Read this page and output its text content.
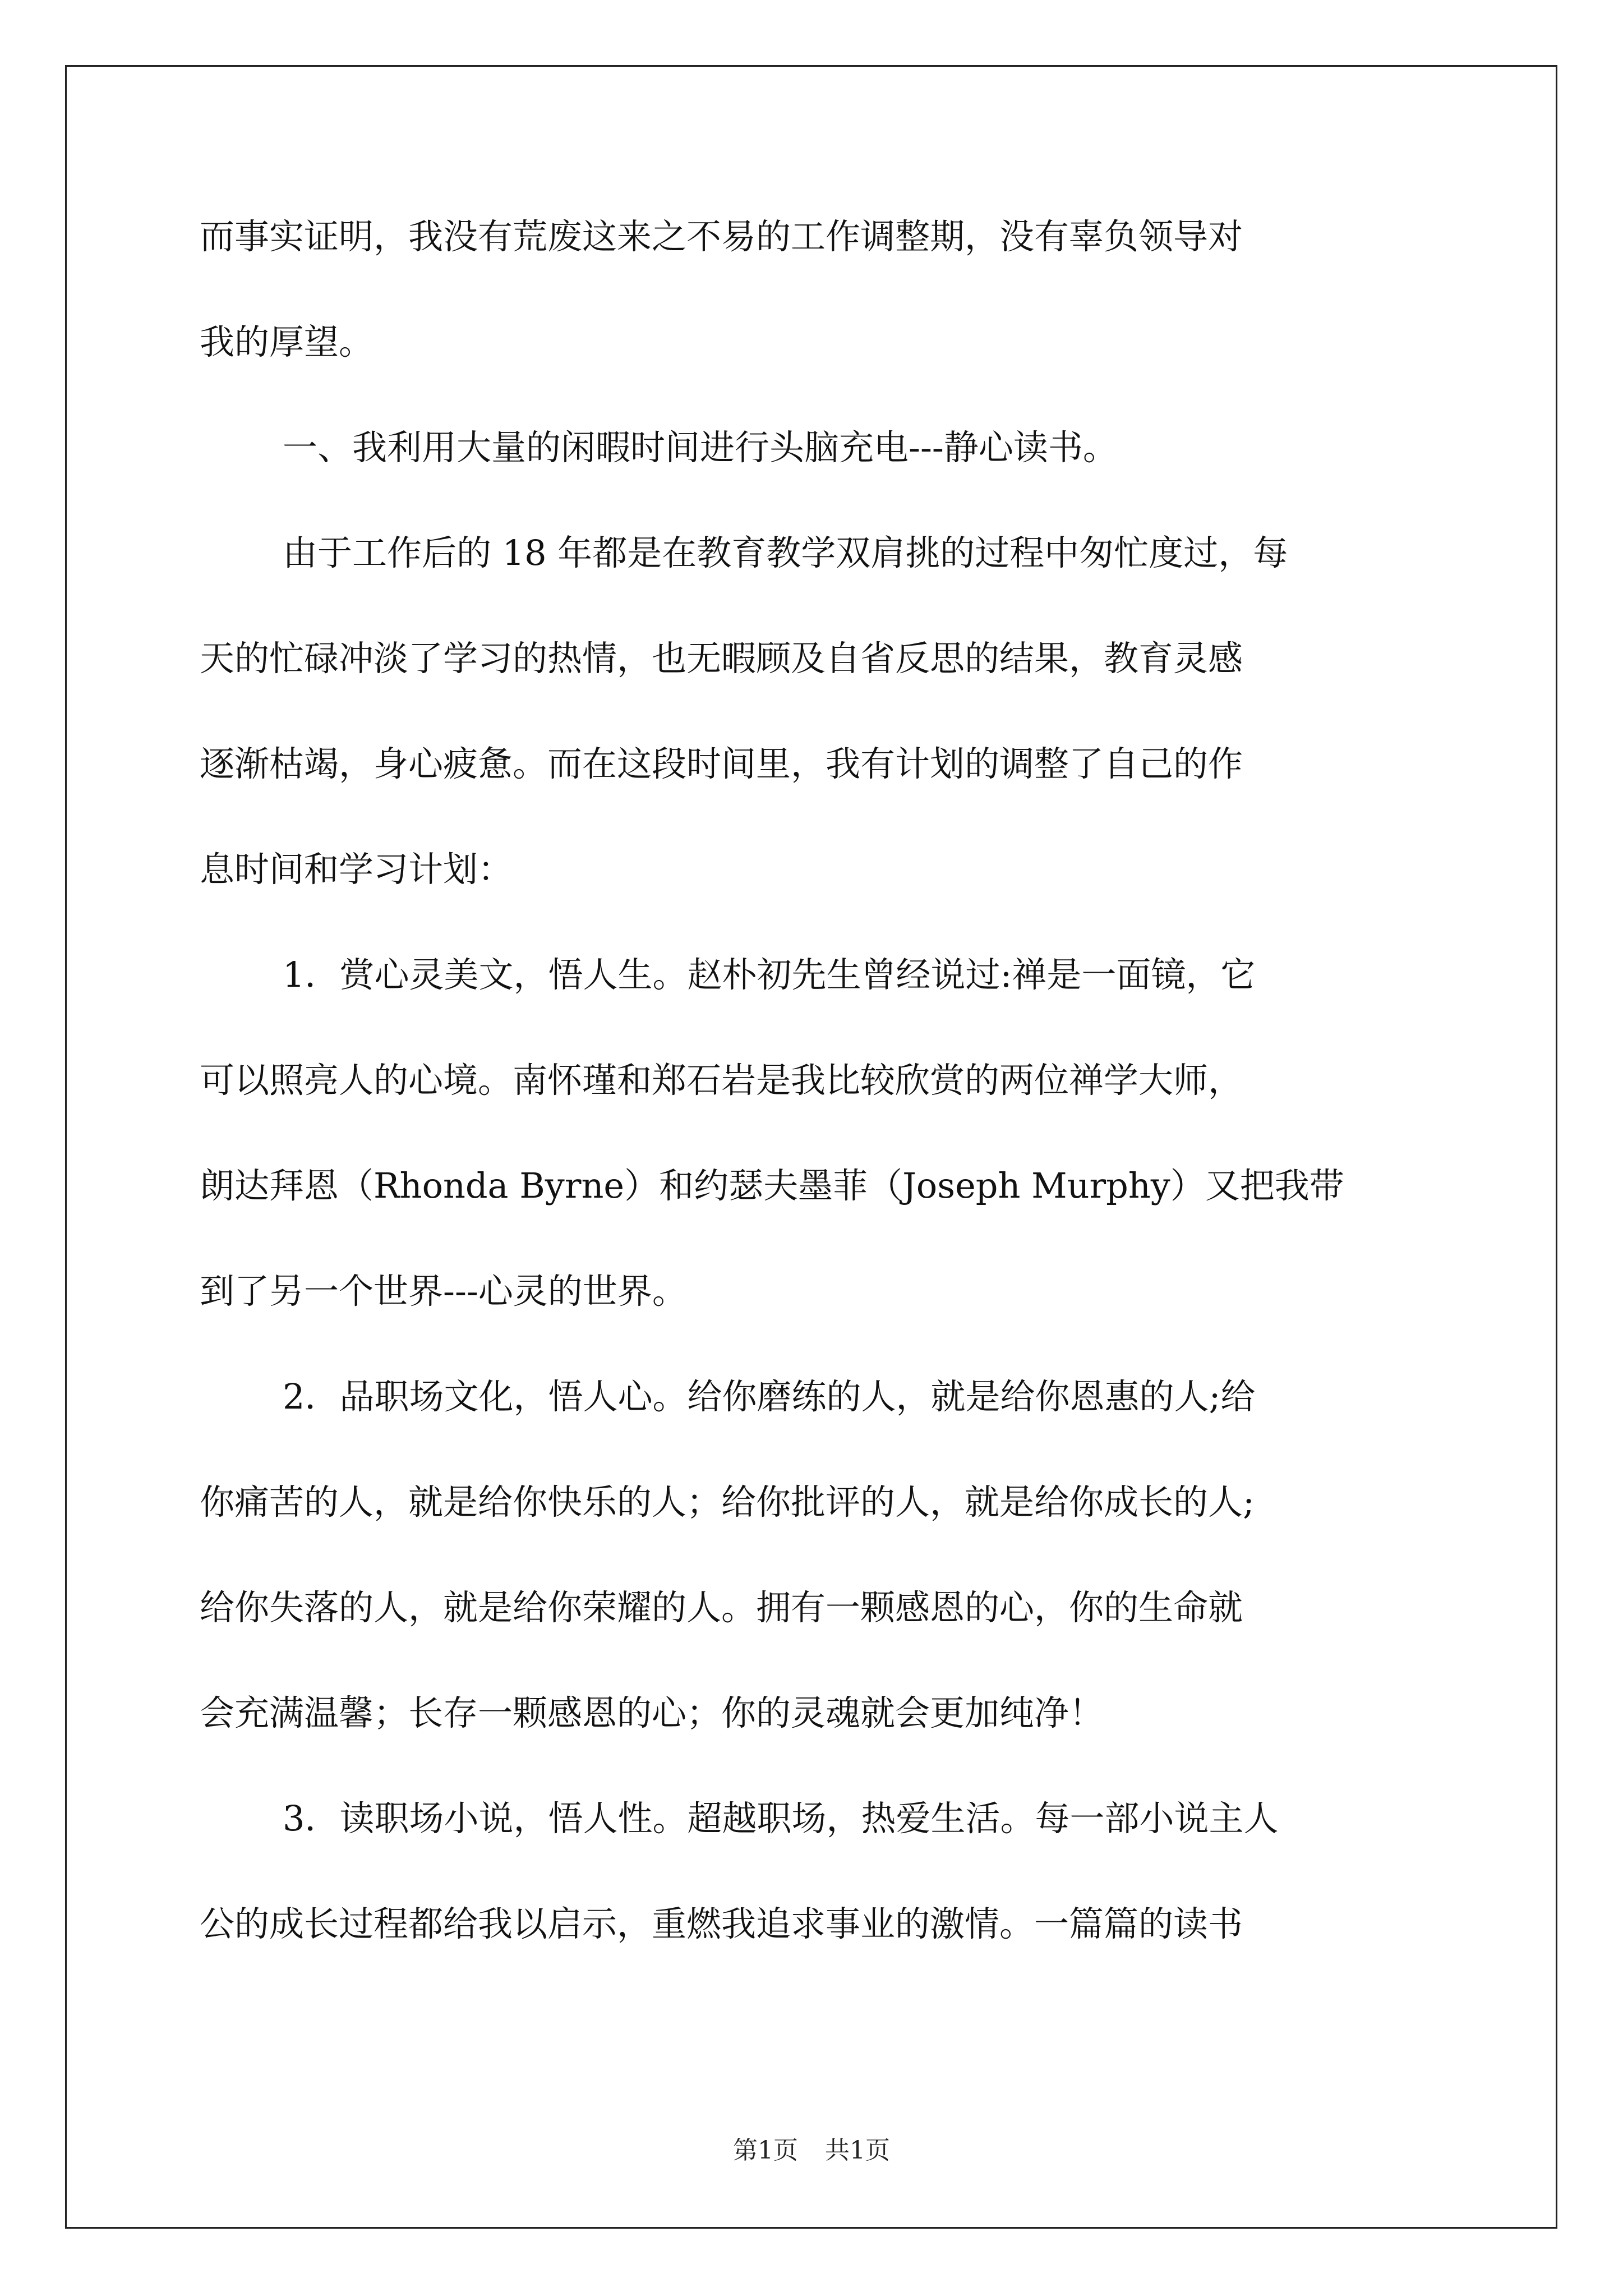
而事实证明，我没有荒废这来之不易的工作调整期，没有辜负领导对
我的厚望。
一、我利用大量的闲暇时间进行头脑充电---静心读书。
由于工作后的 18 年都是在教育教学双肩挑的过程中匆忙度过，每
天的忙碌冲淡了学习的热情，也无暇顾及自省反思的结果，教育灵感
逐渐枯竭，身心疲惫。而在这段时间里，我有计划的调整了自己的作
息时间和学习计划：
1．赏心灵美文，悟人生。赵朴初先生曾经说过:禅是一面镜，它
可以照亮人的心境。南怀瑾和郑石岩是我比较欣赏的两位禅学大师，
朗达拜恩（Rhonda Byrne）和约瑟夫墨菲（Joseph Murphy）又把我带
到了另一个世界---心灵的世界。
2．品职场文化，悟人心。给你磨练的人，就是给你恩惠的人;给
你痛苦的人，就是给你快乐的人；给你批评的人，就是给你成长的人;
给你失落的人，就是给你荣耀的人。拥有一颗感恩的心，你的生命就
会充满温馨；长存一颗感恩的心；你的灵魂就会更加纯净！
3．读职场小说，悟人性。超越职场，热爱生活。每一部小说主人
公的成长过程都给我以启示，重燃我追求事业的激情。一篇篇的读书
第1页 共1页
